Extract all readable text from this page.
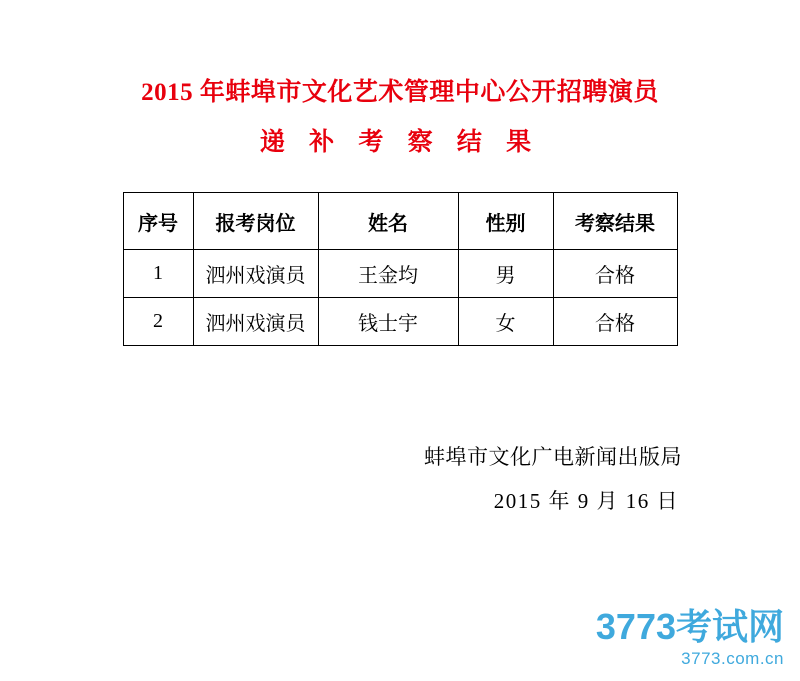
2015 年蚌埠市文化艺术管理中心公开招聘演员
递 补 考 察 结 果
序号	报考岗位	姓名	性别	考察结果
1	泗州戏演员	王金均	男	合格
2	泗州戏演员	钱士宇	女	合格
蚌埠市文化广电新闻出版局
2015 年 9 月 16 日
3773考试网
3773.com.cn
